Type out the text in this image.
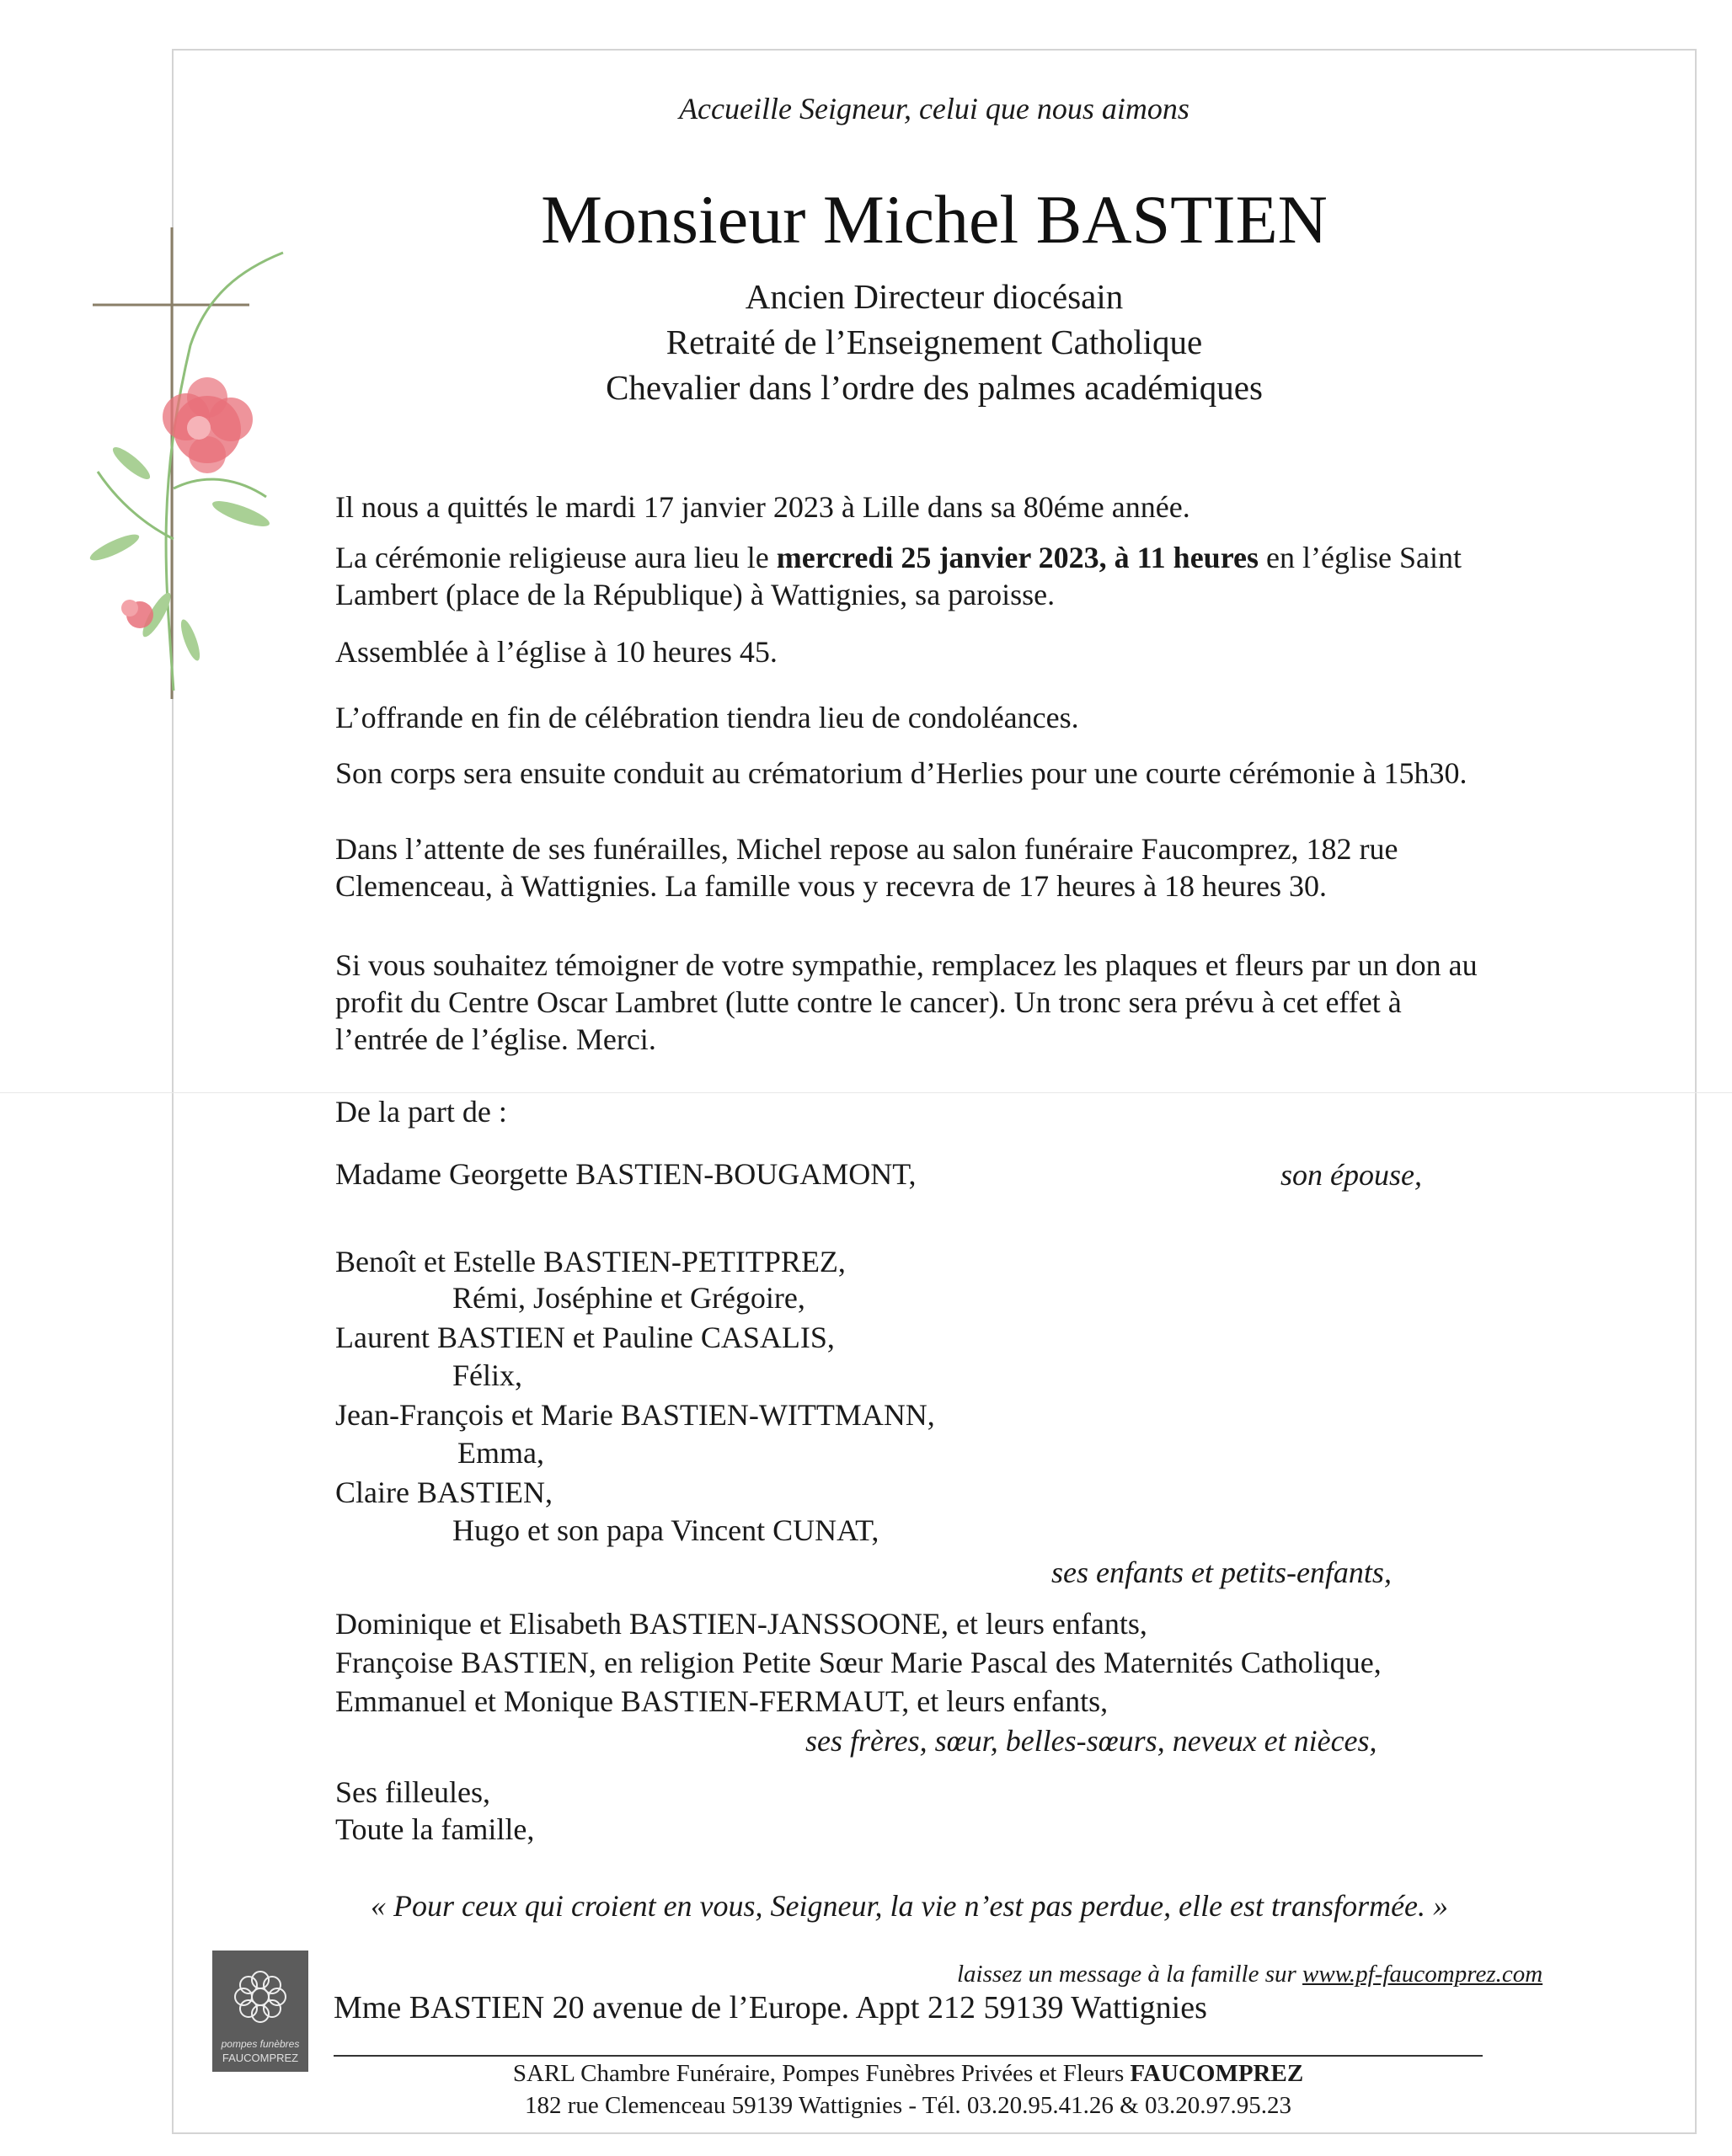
Accueille Seigneur, celui que nous aimons
Monsieur Michel BASTIEN
Ancien Directeur diocésain
Retraité de l’Enseignement Catholique
Chevalier dans l’ordre des palmes académiques
Il nous a quittés le mardi 17 janvier 2023 à Lille dans sa 80éme année.
La cérémonie religieuse aura lieu le mercredi 25 janvier 2023, à 11 heures en l’église Saint
Lambert (place de la République) à Wattignies, sa paroisse.
Assemblée à l’église à 10 heures 45.
L’offrande en fin de célébration tiendra lieu de condoléances.
Son corps sera ensuite conduit au crématorium d’Herlies pour une courte cérémonie à 15h30.
Dans l’attente de ses funérailles, Michel repose au salon funéraire Faucomprez, 182 rue
Clemenceau, à Wattignies. La famille vous y recevra de 17 heures à 18 heures 30.
Si vous souhaitez témoigner de votre sympathie, remplacez les plaques et fleurs par un don au
profit du Centre Oscar Lambret (lutte contre le cancer). Un tronc sera prévu à cet effet à
l’entrée de l’église. Merci.
De la part de :
Madame Georgette BASTIEN-BOUGAMONT,	son épouse,
Benoît et Estelle BASTIEN-PETITPREZ,
Rémi, Joséphine et Grégoire,
Laurent BASTIEN et Pauline CASALIS,
Félix,
Jean-François et Marie BASTIEN-WITTMANN,
Emma,
Claire BASTIEN,
Hugo et son papa Vincent CUNAT,
ses enfants et petits-enfants,
Dominique et Elisabeth BASTIEN-JANSSOONE, et leurs enfants,
Françoise BASTIEN, en religion Petite Sœur Marie Pascal des Maternités Catholique,
Emmanuel et Monique BASTIEN-FERMAUT, et leurs enfants,
ses frères, sœur, belles-sœurs, neveux et nièces,
Ses filleules,
Toute la famille,
« Pour ceux qui croient en vous, Seigneur, la vie n’est pas perdue, elle est transformée. »
laissez un message à la famille sur www.pf-faucomprez.com
Mme BASTIEN 20 avenue de l’Europe. Appt 212 59139 Wattignies
pompes funèbres
FAUCOMPREZ
SARL Chambre Funéraire, Pompes Funèbres Privées et Fleurs FAUCOMPREZ
182 rue Clemenceau 59139 Wattignies - Tél. 03.20.95.41.26 & 03.20.97.95.23
